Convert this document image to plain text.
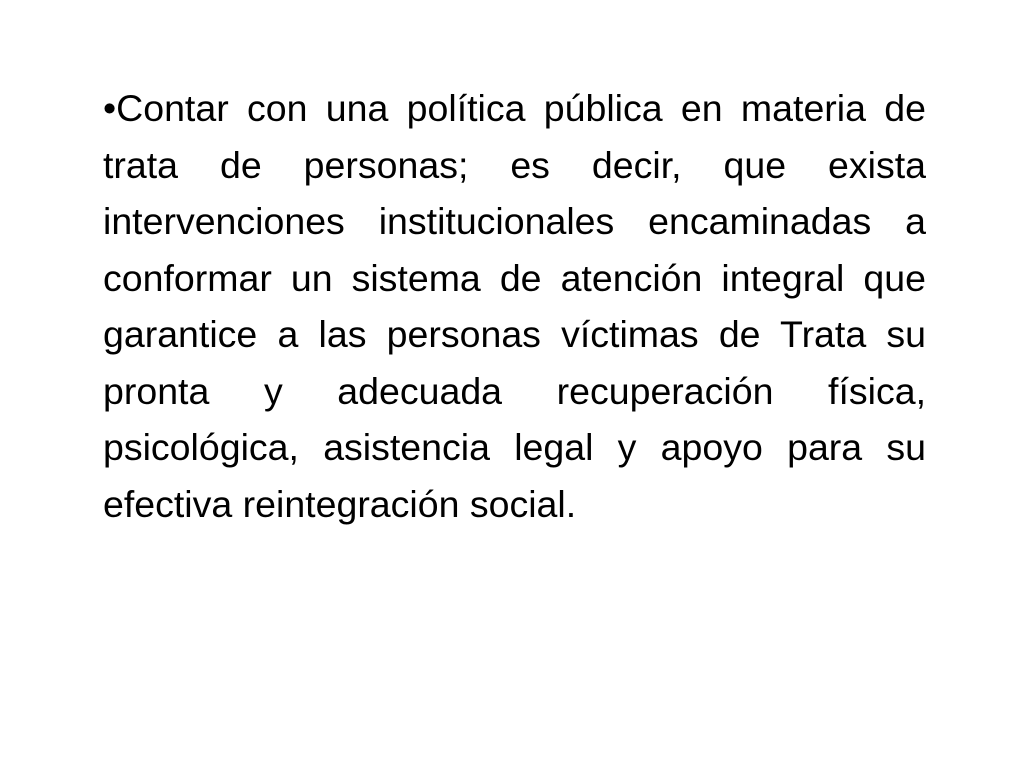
•Contar con una política pública en materia de trata de personas; es decir, que exista intervenciones institucionales encaminadas a conformar un sistema de atención integral que garantice a las personas víctimas de Trata su pronta y adecuada recuperación física, psicológica, asistencia legal y apoyo para su efectiva reintegración social.
